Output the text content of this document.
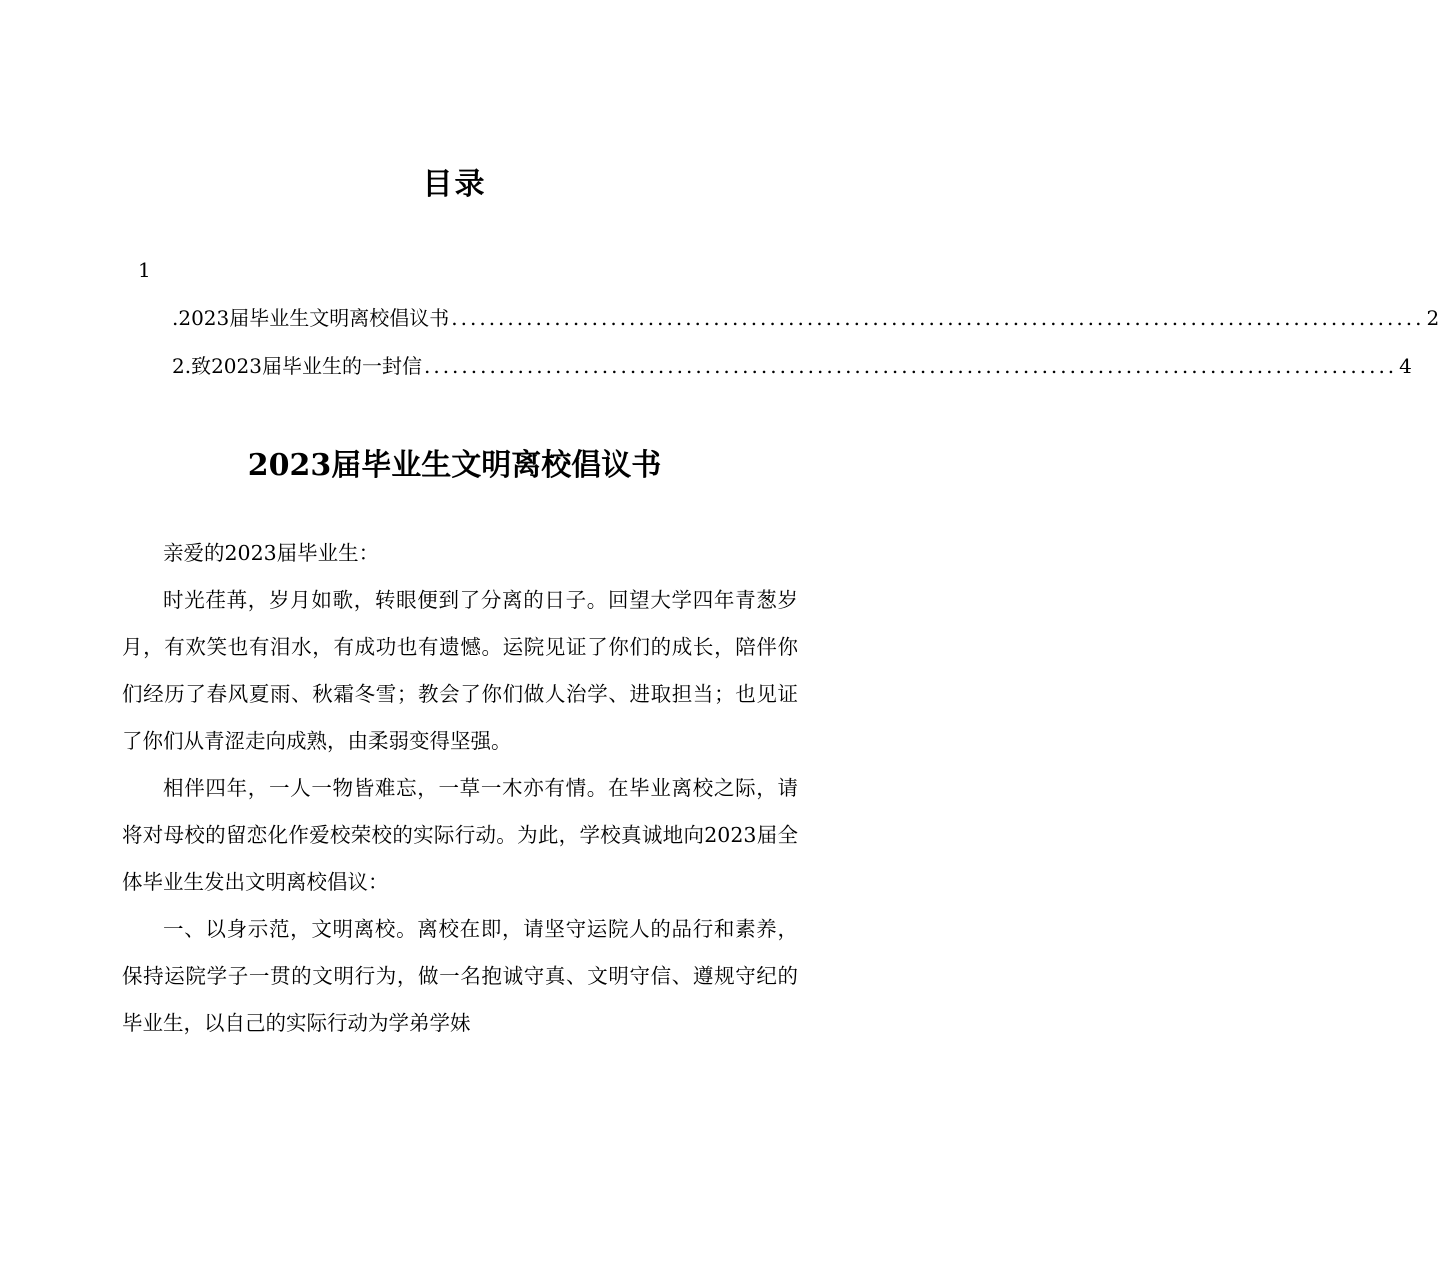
目录
1
.2023届毕业生文明离校倡议书 ........................................................................................................ 2
2.致2023届毕业生的一封信 ........................................................................................................ 4
2023届毕业生文明离校倡议书

亲爱的2023届毕业生：

时光荏苒，岁月如歌，转眼便到了分离的日子。回望大学四年青葱岁月，有欢笑也有泪水，有成功也有遗憾。运院见证了你们的成长，陪伴你们经历了春风夏雨、秋霜冬雪；教会了你们做人治学、进取担当；也见证了你们从青涩走向成熟，由柔弱变得坚强。

相伴四年，一人一物皆难忘，一草一木亦有情。在毕业离校之际，请将对母校的留恋化作爱校荣校的实际行动。为此，学校真诚地向2023届全体毕业生发出文明离校倡议：

一、以身示范，文明离校。离校在即，请坚守运院人的品行和素养，保持运院学子一贯的文明行为，做一名抱诚守真、文明守信、遵规守纪的毕业生，以自己的实际行动为学弟学妹
